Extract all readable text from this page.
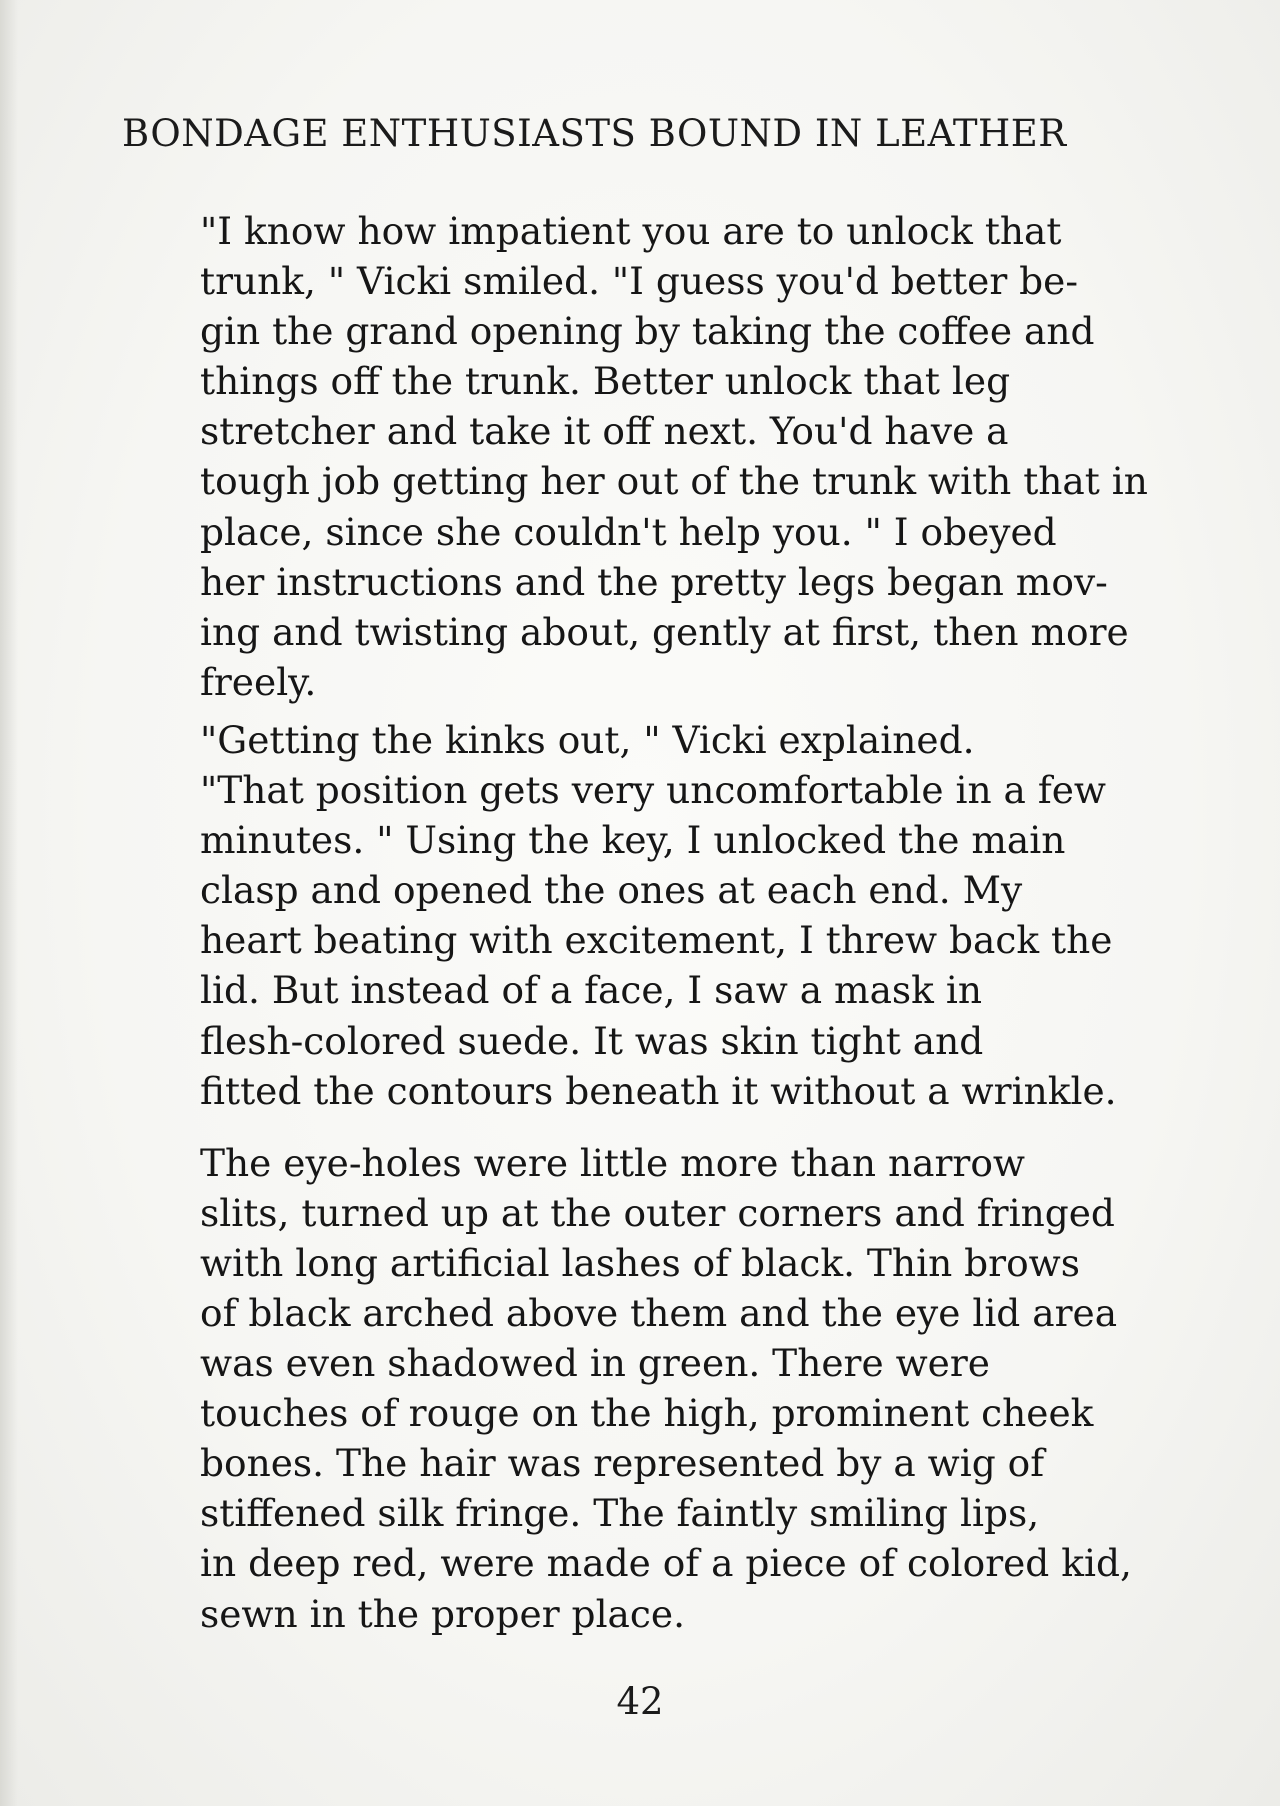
BONDAGE ENTHUSIASTS BOUND IN LEATHER

"I know how impatient you are to unlock that
trunk, " Vicki smiled. "I guess you'd better be-
gin the grand opening by taking the coffee and
things off the trunk. Better unlock that leg
stretcher and take it off next. You'd have a
tough job getting her out of the trunk with that in
place, since she couldn't help you. " I obeyed
her instructions and the pretty legs began mov-
ing and twisting about, gently at first, then more
freely.

"Getting the kinks out, " Vicki explained.
"That position gets very uncomfortable in a few
minutes. " Using the key, I unlocked the main
clasp and opened the ones at each end. My
heart beating with excitement, I threw back the
lid. But instead of a face, I saw a mask in
flesh-colored suede. It was skin tight and
fitted the contours beneath it without a wrinkle.

The eye-holes were little more than narrow
slits, turned up at the outer corners and fringed
with long artificial lashes of black. Thin brows
of black arched above them and the eye lid area
was even shadowed in green. There were
touches of rouge on the high, prominent cheek
bones. The hair was represented by a wig of
stiffened silk fringe. The faintly smiling lips,
in deep red, were made of a piece of colored kid,
sewn in the proper place.

42
